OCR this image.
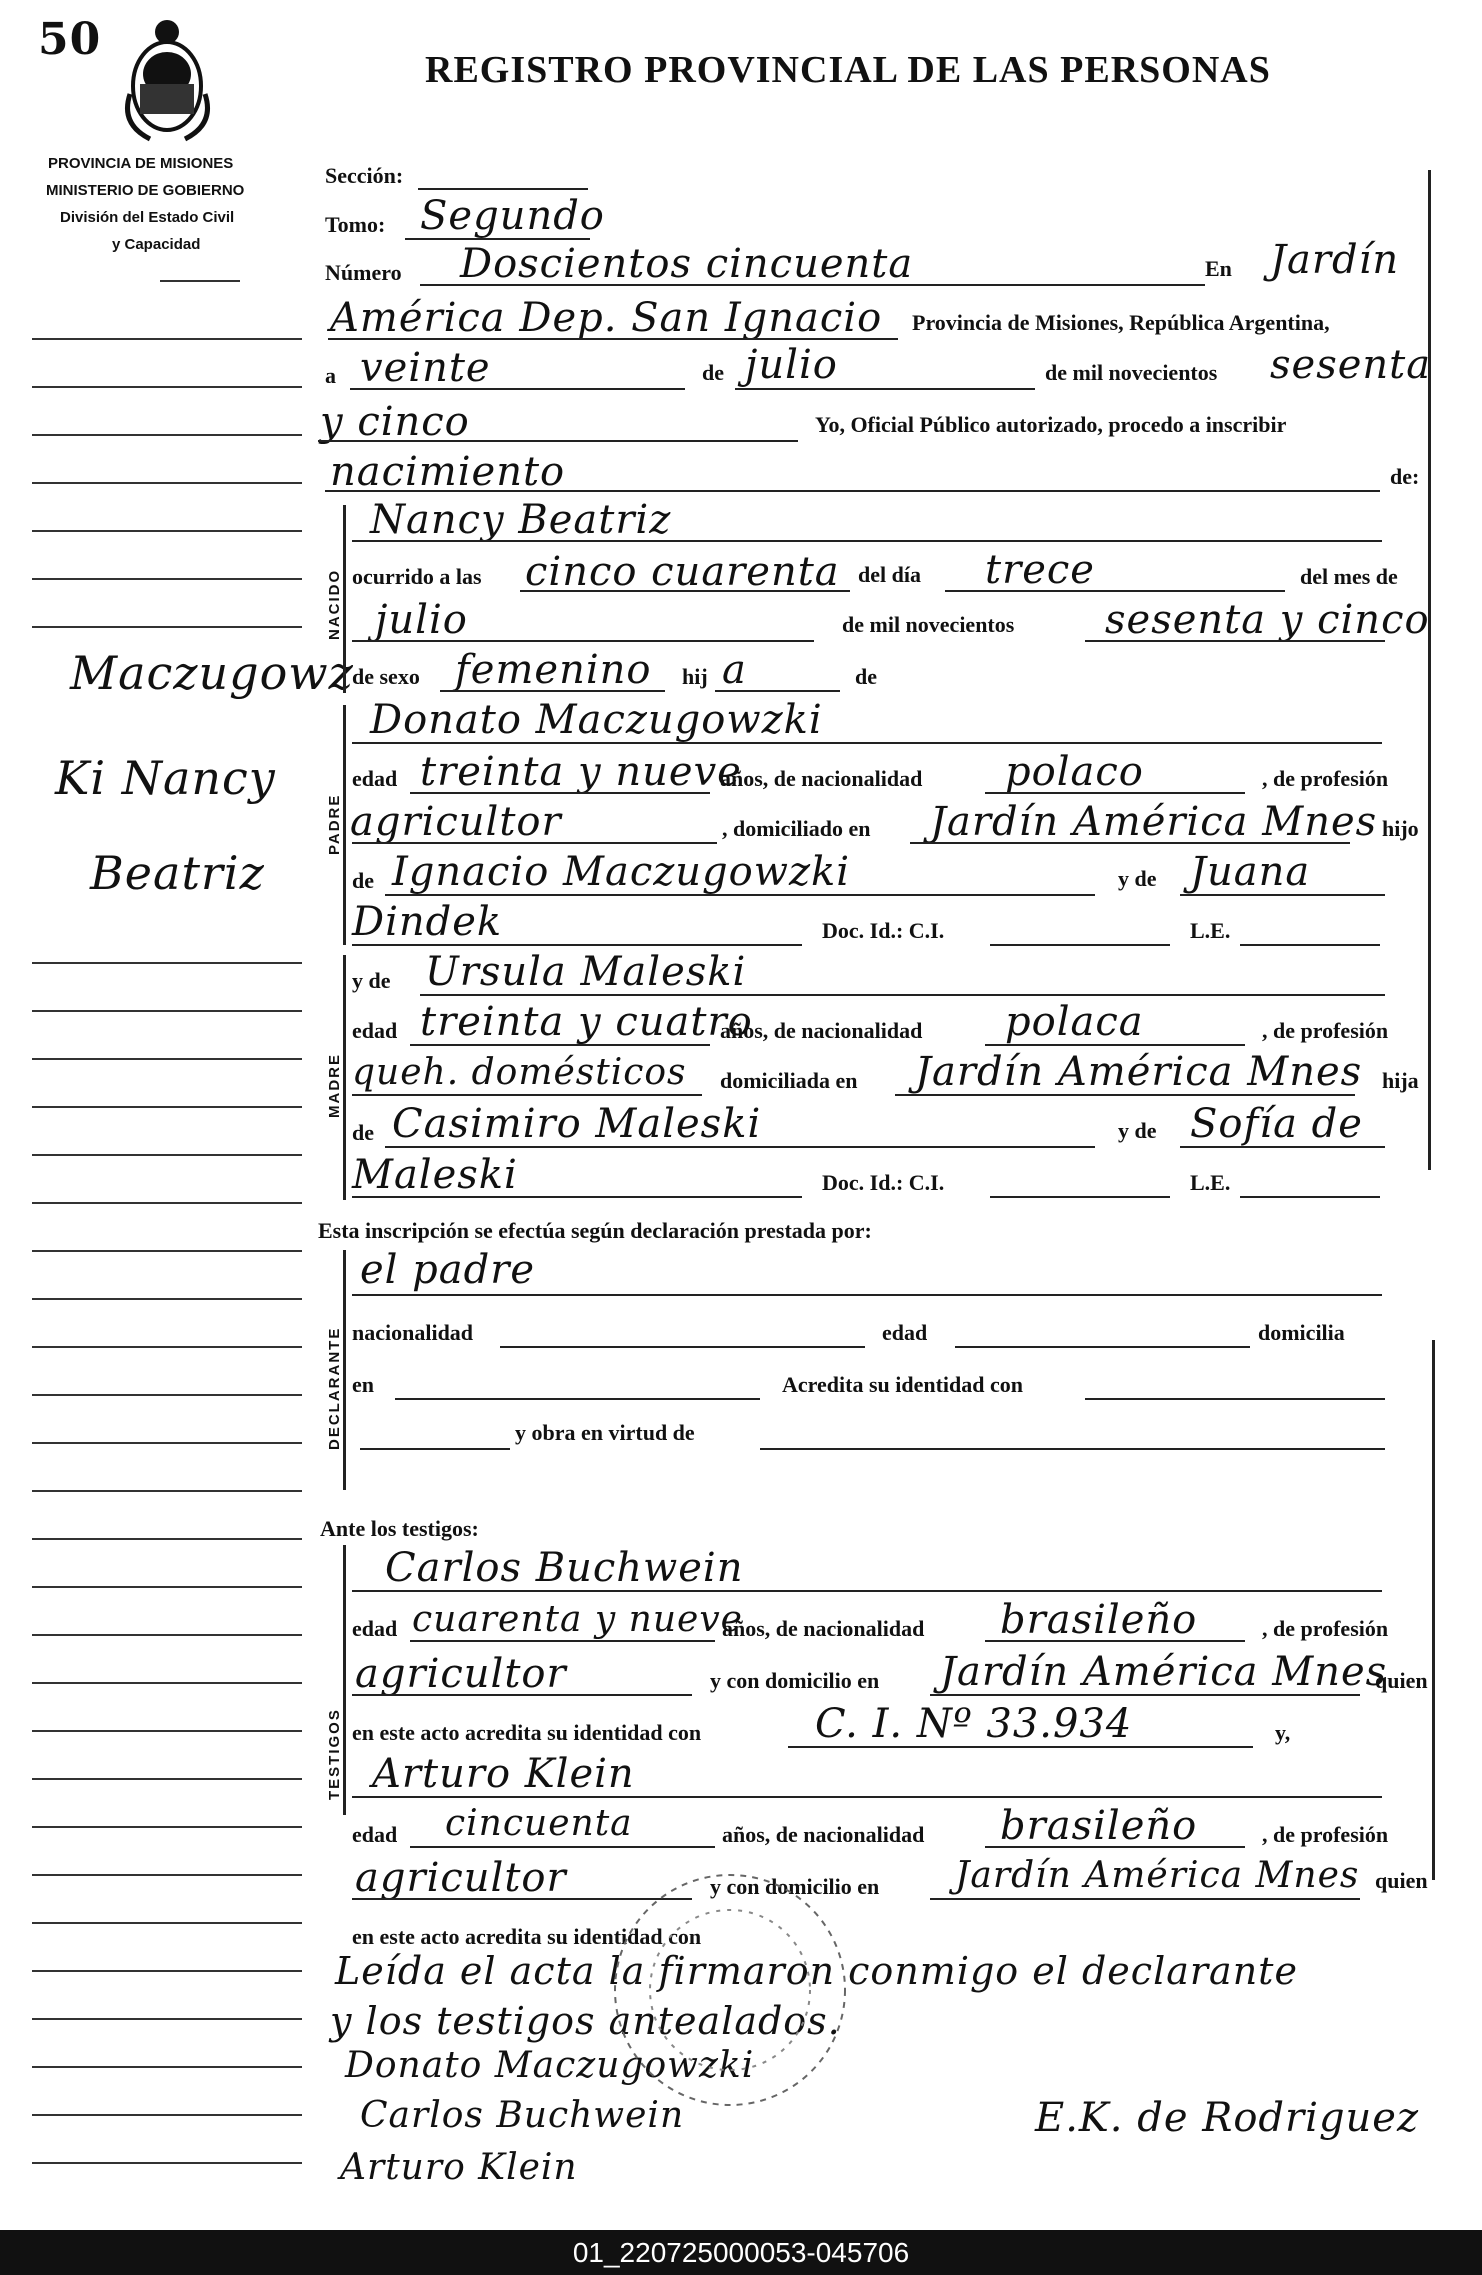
50
REGISTRO PROVINCIAL DE LAS PERSONAS
PROVINCIA DE MISIONES
MINISTERIO DE GOBIERNO
División del Estado Civil
y Capacidad
Maczugowz
Ki Nancy
Beatriz
Sección:
Tomo: Segundo
Número Doscientos cincuenta	En Jardín
América Dep. San Ignacio Provincia de Misiones, República Argentina,
a veinte	de julio	de mil novecientos sesenta
y cinco	Yo, Oficial Público autorizado, procedo a inscribir
nacimiento	de:
NACIDO
Nancy Beatriz
ocurrido a las cinco cuarenta del día trece	del mes de
julio	de mil novecientos sesenta y cinco
de sexo femenino hij a	de
PADRE
Donato Maczugowzki
edad treinta y nueve
años, de nacionalidad polaco	, de profesión
agricultor	, domiciliado en Jardín América Mnes hijo
de Ignacio Maczugowzki	y de Juana
Dindek	Doc. Id.: C.I.	L.E.
MADRE
y de Ursula Maleski
edad treinta y cuatro
años, de nacionalidad polaca	, de profesión
queh. domésticos domiciliada en Jardín América Mnes hija
de Casimiro Maleski	y de Sofía de
Maleski	Doc. Id.: C.I.	L.E.
Esta inscripción se efectúa según declaración prestada por:
DECLARANTE
el padre
nacionalidad	edad	domicilia
en	Acredita su identidad con
y obra en virtud de
Ante los testigos:
TESTIGOS
Carlos Buchwein
edad cuarenta y nueve
años, de nacionalidad brasileño	, de profesión
agricultor	y con domicilio en Jardín América Mnes
quien
en este acto acredita su identidad con	C. I. Nº 33.934	y,
Arturo Klein
edad cincuenta	años, de nacionalidad brasileño	, de profesión
agricultor	y con domicilio en Jardín América Mnes quien
en este acto acredita su identidad con
Leída el acta la firmaron conmigo el declarante
y los testigos antealados.
Donato Maczugowzki
Carlos Buchwein
Arturo Klein
E.K. de Rodriguez
01_220725000053-045706
